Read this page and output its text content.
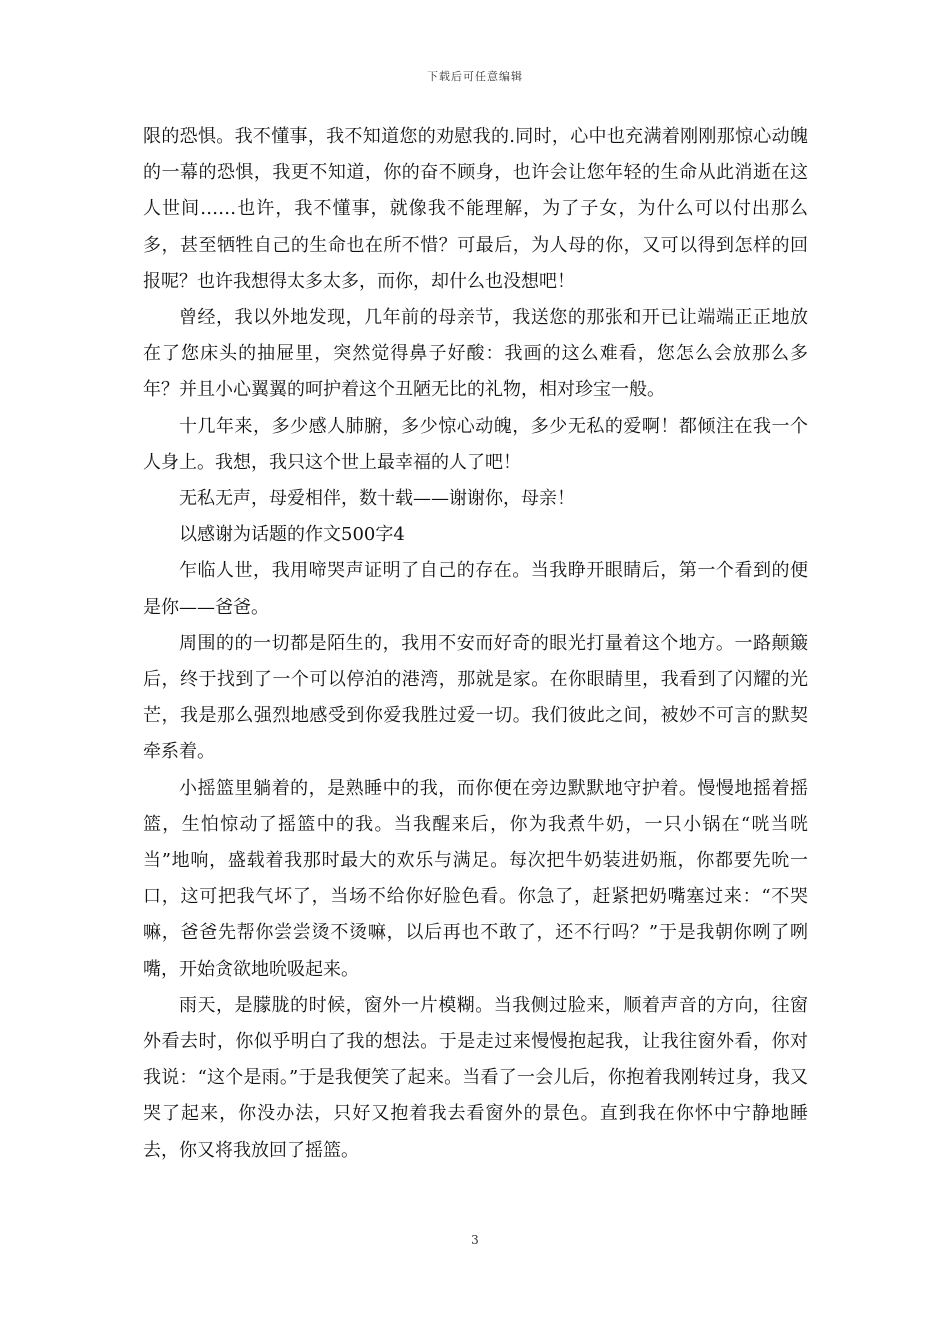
下载后可任意编辑

限的恐惧。我不懂事，我不知道您的劝慰我的.同时，心中也充满着刚刚那惊心动魄的一幕的恐惧，我更不知道，你的奋不顾身，也许会让您年轻的生命从此消逝在这人世间……也许，我不懂事，就像我不能理解，为了子女，为什么可以付出那么多，甚至牺牲自己的生命也在所不惜？可最后，为人母的你，又可以得到怎样的回报呢？也许我想得太多太多，而你，却什么也没想吧！

曾经，我以外地发现，几年前的母亲节，我送您的那张和开已让端端正正地放在了您床头的抽屉里，突然觉得鼻子好酸：我画的这么难看，您怎么会放那么多年？并且小心翼翼的呵护着这个丑陋无比的礼物，相对珍宝一般。

十几年来，多少感人肺腑，多少惊心动魄，多少无私的爱啊！都倾注在我一个人身上。我想，我只这个世上最幸福的人了吧！

无私无声，母爱相伴，数十载——谢谢你，母亲！

以感谢为话题的作文500字4

乍临人世，我用啼哭声证明了自己的存在。当我睁开眼睛后，第一个看到的便是你——爸爸。

周围的的一切都是陌生的，我用不安而好奇的眼光打量着这个地方。一路颠簸后，终于找到了一个可以停泊的港湾，那就是家。在你眼睛里，我看到了闪耀的光芒，我是那么强烈地感受到你爱我胜过爱一切。我们彼此之间，被妙不可言的默契牵系着。

小摇篮里躺着的，是熟睡中的我，而你便在旁边默默地守护着。慢慢地摇着摇篮，生怕惊动了摇篮中的我。当我醒来后，你为我煮牛奶，一只小锅在“咣当咣当”地响，盛载着我那时最大的欢乐与满足。每次把牛奶装进奶瓶，你都要先吮一口，这可把我气坏了，当场不给你好脸色看。你急了，赶紧把奶嘴塞过来：“不哭嘛，爸爸先帮你尝尝烫不烫嘛，以后再也不敢了，还不行吗？”于是我朝你咧了咧嘴，开始贪欲地吮吸起来。

雨天，是朦胧的时候，窗外一片模糊。当我侧过脸来，顺着声音的方向，往窗外看去时，你似乎明白了我的想法。于是走过来慢慢抱起我，让我往窗外看，你对我说：“这个是雨。”于是我便笑了起来。当看了一会儿后，你抱着我刚转过身，我又哭了起来，你没办法，只好又抱着我去看窗外的景色。直到我在你怀中宁静地睡去，你又将我放回了摇篮。

3
